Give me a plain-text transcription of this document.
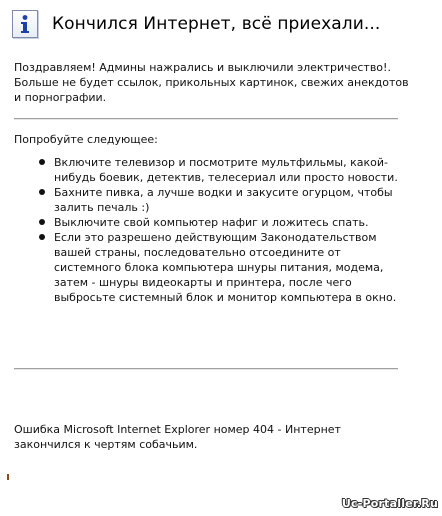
Кончился Интернет, всё приехали...
Поздравляем! Админы нажрались и выключили электричество!. Больше не будет ссылок, прикольных картинок, свежих анекдотов и порнографии.
Попробуйте следующее:
Включите телевизор и посмотрите мультфильмы, какой-нибудь боевик, детектив, телесериал или просто новости.
Бахните пивка, а лучше водки и закусите огурцом, чтобы залить печаль :)
Выключите свой компьютер нафиг и ложитесь спать.
Если это разрешено действующим Законодательством вашей страны, последовательно отсоедините от системного блока компьютера шнуры питания, модема, затем - шнуры видеокарты и принтера, после чего выбросьте системный блок и монитор компьютера в окно.
Ошибка Microsoft Internet Explorer номер 404 - Интернет закончился к чертям собачьим.
Uc-Portaller.Ru
